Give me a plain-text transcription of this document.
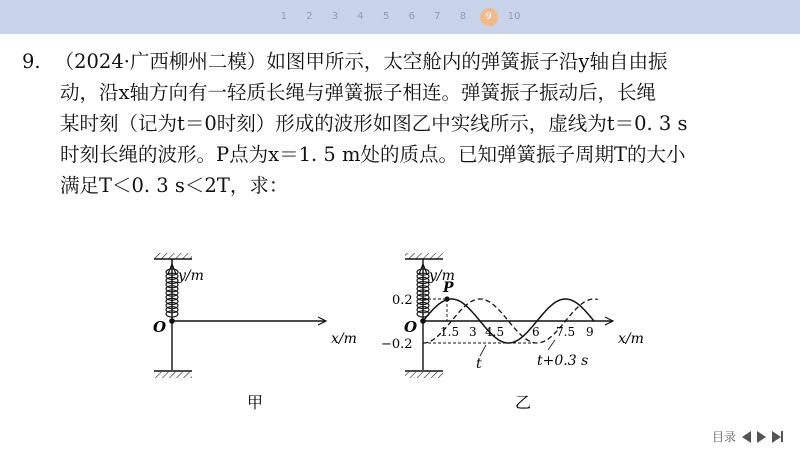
1	2	3	4	5	6	7	8	9	10
9. （2024·广西柳州二模）如图甲所示，太空舱内的弹簧振子沿y轴自由振
动，沿x轴方向有一轻质长绳与弹簧振子相连。弹簧振子振动后，长绳
某时刻（记为t＝0时刻）形成的波形如图乙中实线所示，虚线为t＝0. 3 s
时刻长绳的波形。P点为x＝1. 5 m处的质点。已知弹簧振子周期T的大小
满足T＜0. 3 s＜2T，求：
y/m
x/m
O
甲
P
y/m
x/m
O
0.2
−0.2
1.5 3 4.5 6 7.5 9
t	t+0.3 s
乙
目录
